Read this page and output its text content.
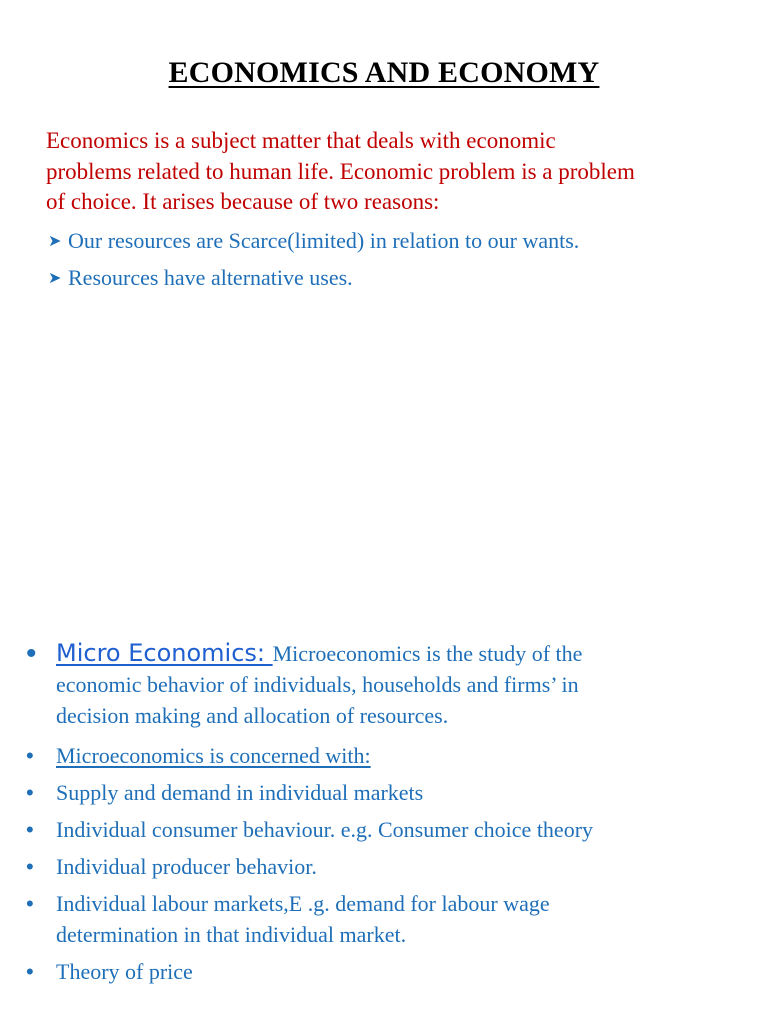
ECONOMICS AND ECONOMY
Economics is a subject matter that deals with economic
problems related to human life. Economic problem is a problem
of choice. It arises because of two reasons:
➤ Our resources are Scarce(limited) in relation to our wants.
➤ Resources have alternative uses.
• Micro Economics: Microeconomics is the study of the
economic behavior of individuals, households and firms’ in
decision making and allocation of resources.
•	Microeconomics is concerned with:
•	Supply and demand in individual markets
•	Individual consumer behaviour. e.g. Consumer choice theory
•	Individual producer behavior.
•	Individual labour markets,E .g. demand for labour wage
determination in that individual market.
•	Theory of price
